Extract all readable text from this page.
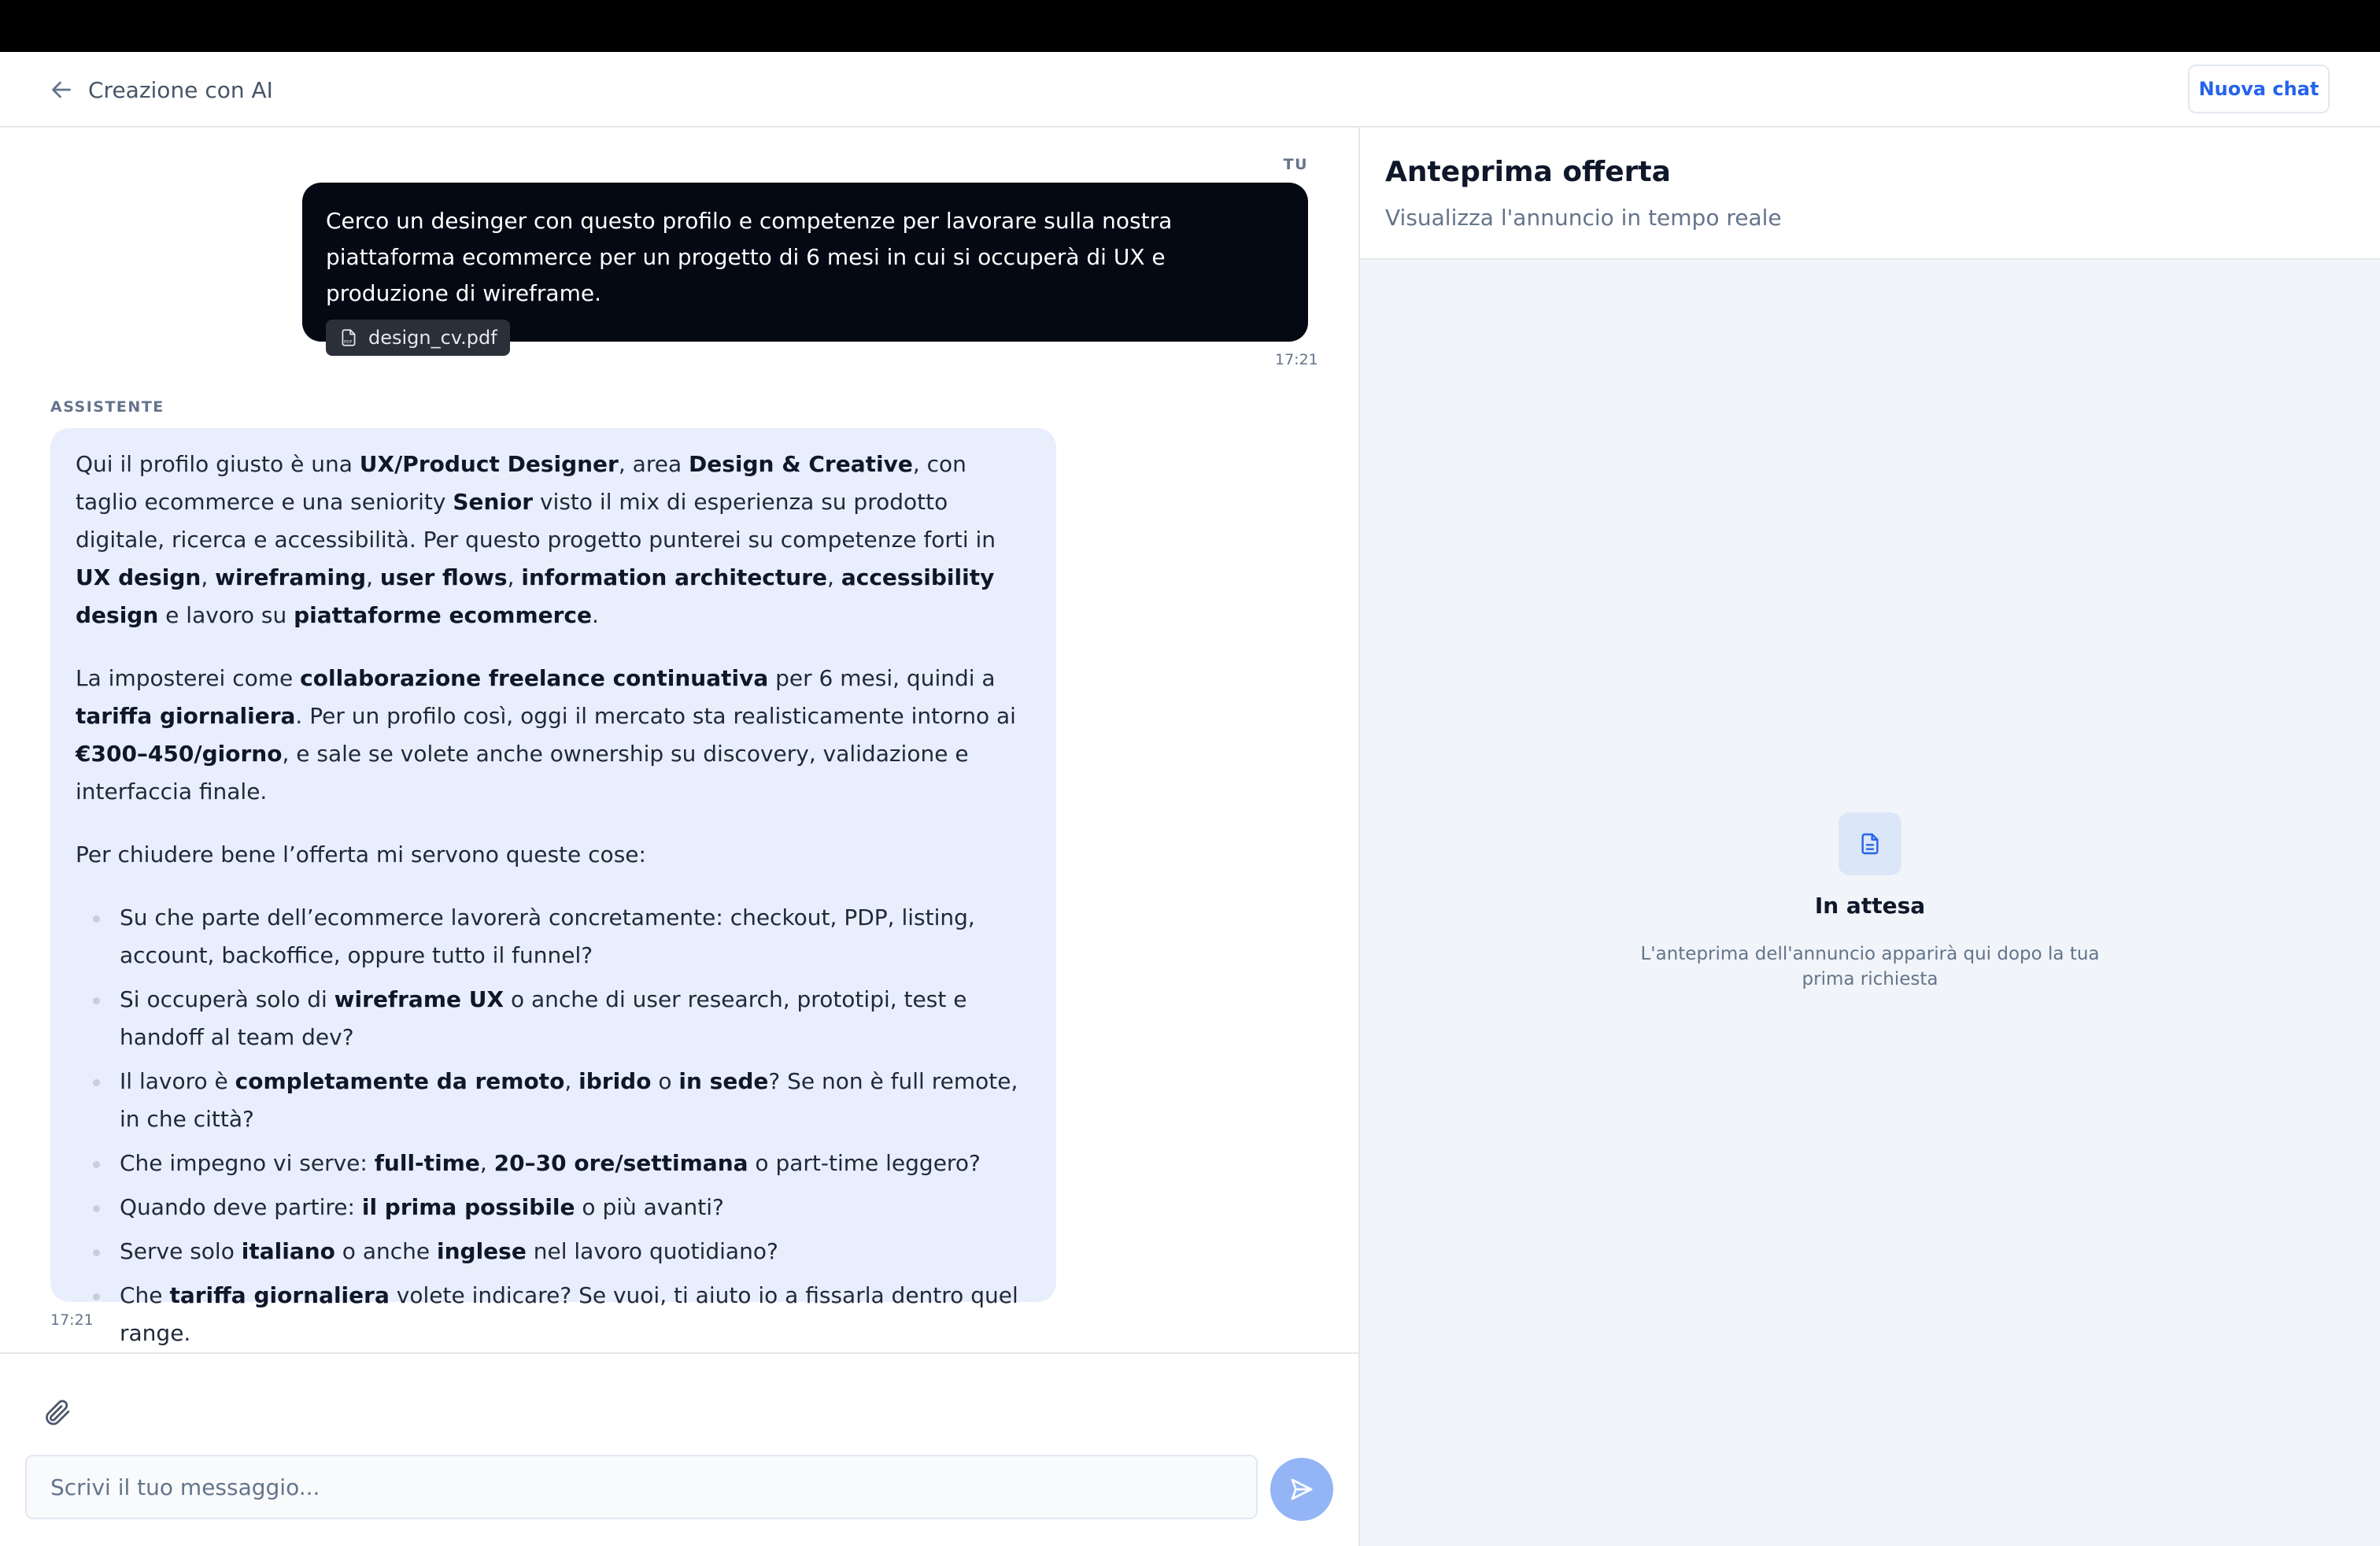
Creazione con AI	Nuova chat
TU
Cerco un desinger con questo profilo e competenze per lavorare sulla nostra piattaforma ecommerce per un progetto di 6 mesi in cui si occuperà di UX e produzione di wireframe.
PDF design_cv.pdf
17:21
ASSISTENTE

Qui il profilo giusto è una UX/Product Designer, area Design & Creative, con taglio ecommerce e una seniority Senior visto il mix di esperienza su prodotto digitale, ricerca e accessibilità. Per questo progetto punterei su competenze forti in UX design, wireframing, user flows, information architecture, accessibility design e lavoro su piattaforme ecommerce.

La imposterei come collaborazione freelance continuativa per 6 mesi, quindi a tariffa giornaliera. Per un profilo così, oggi il mercato sta realisticamente intorno ai €300–450/giorno, e sale se volete anche ownership su discovery, validazione e interfaccia finale.

Per chiudere bene l’offerta mi servono queste cose:

Su che parte dell’ecommerce lavorerà concretamente: checkout, PDP, listing, account, backoffice, oppure tutto il funnel?
Si occuperà solo di wireframe UX o anche di user research, prototipi, test e handoff al team dev?
Il lavoro è completamente da remoto, ibrido o in sede? Se non è full remote, in che città?
Che impegno vi serve: full-time, 20–30 ore/settimana o part-time leggero?
Quando deve partire: il prima possibile o più avanti?
Serve solo italiano o anche inglese nel lavoro quotidiano?
Che tariffa giornaliera volete indicare? Se vuoi, ti aiuto io a fissarla dentro quel range.
17:21
Scrivi il tuo messaggio...
Anteprima offerta
Visualizza l'annuncio in tempo reale
In attesa
L'anteprima dell'annuncio apparirà qui dopo la tua prima richiesta
